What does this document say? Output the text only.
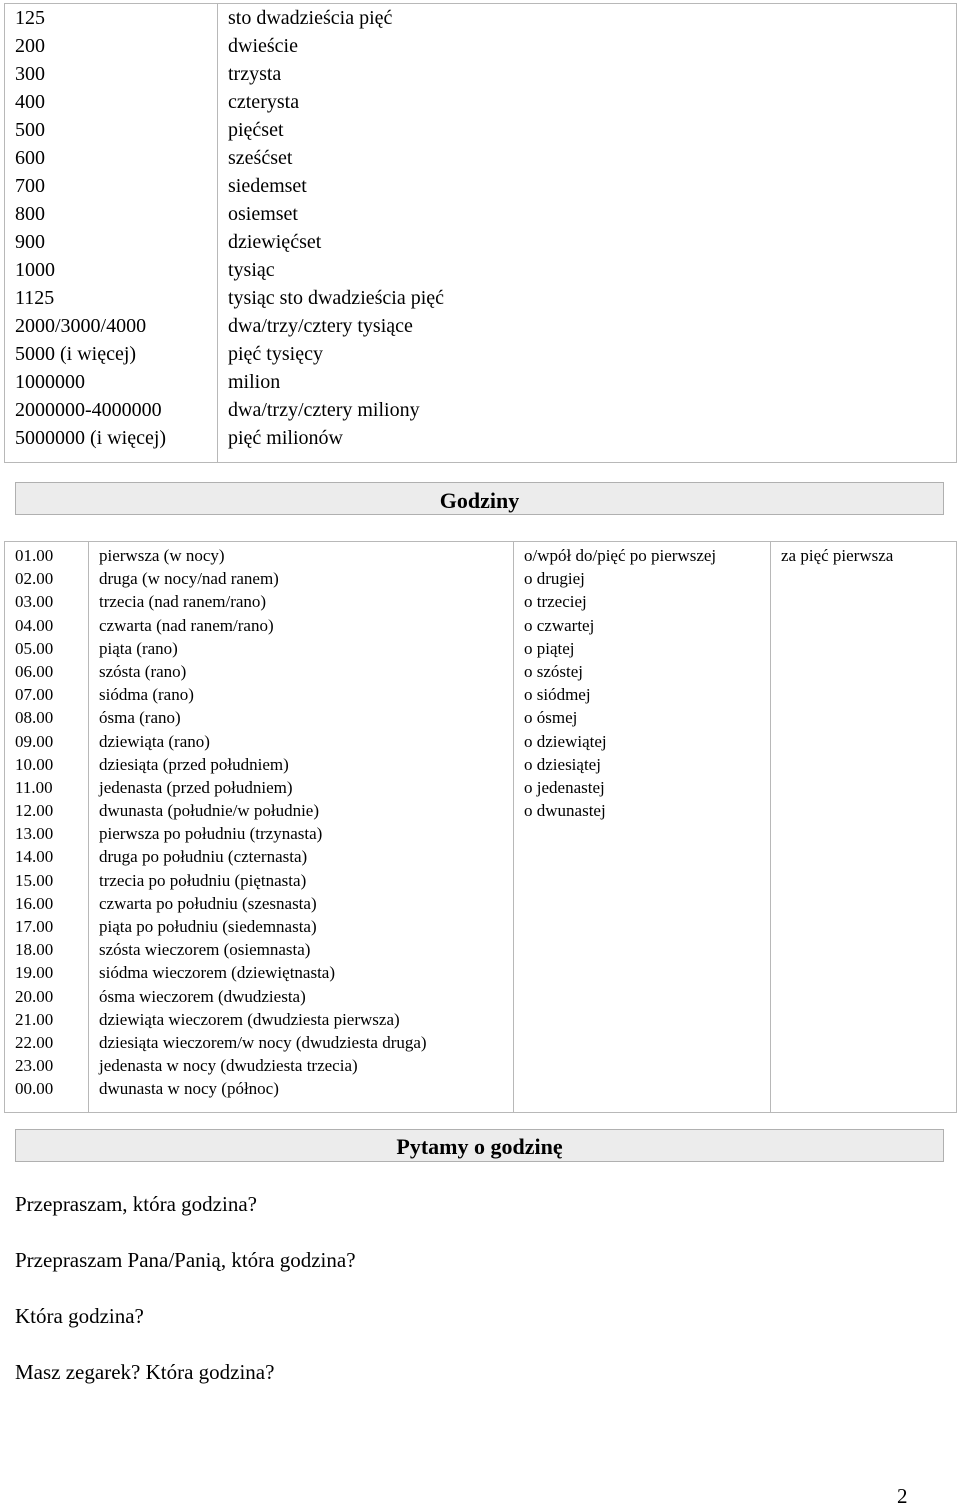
125	sto dwadzieścia pięć
200	dwieście
300	trzysta
400	czterysta
500	pięćset
600	sześćset
700	siedemset
800	osiemset
900	dziewięćset
1000	tysiąc
1125	tysiąc sto dwadzieścia pięć
2000/3000/4000	dwa/trzy/cztery tysiące
5000 (i więcej)	pięć tysięcy
1000000	milion
2000000-4000000	dwa/trzy/cztery miliony
5000000 (i więcej)	pięć milionów
Godziny
01.00	pierwsza (w nocy)	o/wpół do/pięć po pierwszej	za pięć pierwsza
02.00	druga (w nocy/nad ranem)	o drugiej	
03.00	trzecia (nad ranem/rano)	o trzeciej	
04.00	czwarta (nad ranem/rano)	o czwartej	
05.00	piąta (rano)	o piątej	
06.00	szósta (rano)	o szóstej	
07.00	siódma (rano)	o siódmej	
08.00	ósma (rano)	o ósmej	
09.00	dziewiąta (rano)	o dziewiątej	
10.00	dziesiąta (przed południem)	o dziesiątej	
11.00	jedenasta (przed południem)	o jedenastej	
12.00	dwunasta (południe/w południe)	o dwunastej	
13.00	pierwsza po południu (trzynasta)		
14.00	druga po południu (czternasta)		
15.00	trzecia po południu (piętnasta)		
16.00	czwarta po południu (szesnasta)		
17.00	piąta po południu (siedemnasta)		
18.00	szósta wieczorem (osiemnasta)		
19.00	siódma wieczorem (dziewiętnasta)		
20.00	ósma wieczorem (dwudziesta)		
21.00	dziewiąta wieczorem (dwudziesta pierwsza)		
22.00	dziesiąta wieczorem/w nocy (dwudziesta druga)		
23.00	jedenasta w nocy (dwudziesta trzecia)		
00.00	dwunasta w nocy (północ)		
Pytamy o godzinę
Przepraszam, która godzina?
Przepraszam Pana/Panią, która godzina?
Która godzina?
Masz zegarek? Która godzina?
2
